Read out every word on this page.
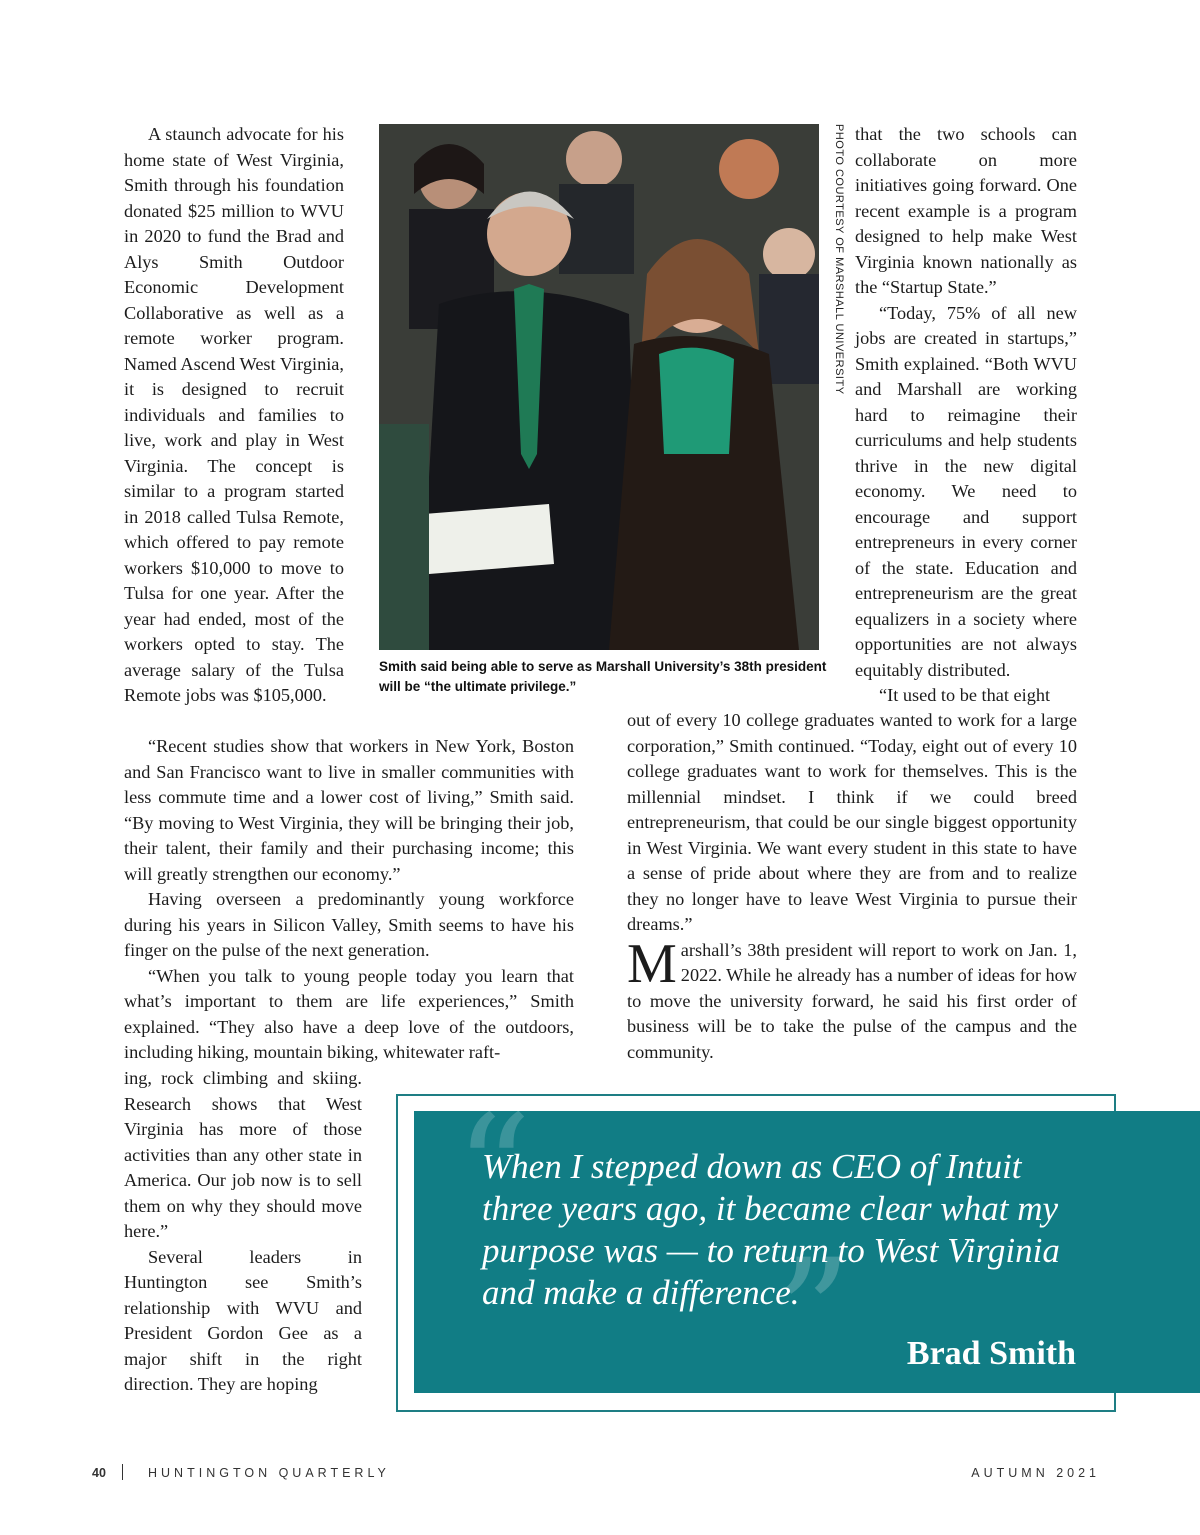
A staunch advocate for his home state of West Virginia, Smith through his foundation donated $25 million to WVU in 2020 to fund the Brad and Alys Smith Outdoor Economic Development Collaborative as well as a remote worker program. Named Ascend West Virginia, it is designed to recruit individuals and families to live, work and play in West Virginia. The concept is similar to a program started in 2018 called Tulsa Remote, which offered to pay remote workers $10,000 to move to Tulsa for one year. After the year had ended, most of the workers opted to stay. The average salary of the Tulsa Remote jobs was $105,000.

PHOTO COURTESY OF MARSHALL UNIVERSITY
Smith said being able to serve as Marshall University’s 38th president will be “the ultimate privilege.”

that the two schools can collaborate on more initiatives going forward. One recent example is a program designed to help make West Virginia known nationally as the “Startup State.”

“Today, 75% of all new jobs are created in startups,” Smith explained. “Both WVU and Marshall are working hard to reimagine their curriculums and help students thrive in the new digital economy. We need to encourage and support entrepreneurs in every corner of the state. Education and entrepreneurism are the great equalizers in a society where opportunities are not always equitably distributed.

“It used to be that eight

“Recent studies show that workers in New York, Boston and San Francisco want to live in smaller communities with less commute time and a lower cost of living,” Smith said. “By moving to West Virginia, they will be bringing their job, their talent, their family and their purchasing income; this will greatly strengthen our economy.”

Having overseen a predominantly young workforce during his years in Silicon Valley, Smith seems to have his finger on the pulse of the next generation.

“When you talk to young people today you learn that what’s important to them are life experiences,” Smith explained. “They also have a deep love of the outdoors, including hiking, mountain biking, whitewater raft-

out of every 10 college graduates wanted to work for a large corporation,” Smith continued. “Today, eight out of every 10 college graduates want to work for themselves. This is the millennial mindset. I think if we could breed entrepreneurism, that could be our single biggest opportunity in West Virginia. We want every student in this state to have a sense of pride about where they are from and to realize they no longer have to leave West Virginia to pursue their dreams.”

Marshall’s 38th president will report to work on Jan. 1, 2022. While he already has a number of ideas for how to move the university forward, he said his first order of business will be to take the pulse of the campus and the community.

ing, rock climbing and skiing. Research shows that West Virginia has more of those activities than any other state in America. Our job now is to sell them on why they should move here.”

Several leaders in Huntington see Smith’s relationship with WVU and President Gordon Gee as a major shift in the right direction. They are hoping

“
”
When I stepped down as CEO of Intuit three years ago, it became clear what my purpose was — to return to West Virginia and make a difference.
Brad Smith
40	HUNTINGTON QUARTERLY	AUTUMN 2021
